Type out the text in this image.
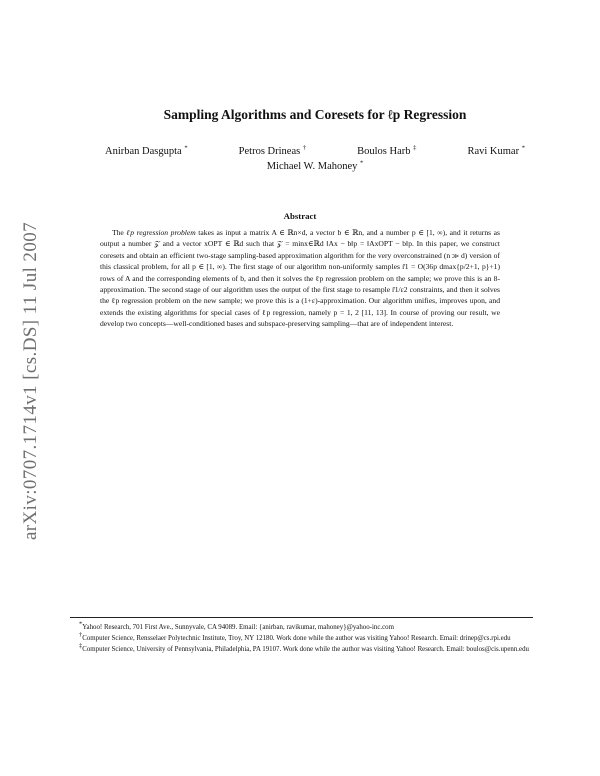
arXiv:0707.1714v1 [cs.DS] 11 Jul 2007
Sampling Algorithms and Coresets for ℓp Regression
Anirban Dasgupta *	Petros Drineas †	Boulos Harb ‡	Ravi Kumar *
Michael W. Mahoney *
Abstract

The ℓp regression problem takes as input a matrix A ∈ ℝn×d, a vector b ∈ ℝn, and a number p ∈ [1, ∞), and it returns as output a number 𝒵 and a vector xOPT ∈ ℝd such that 𝒵 = minx∈ℝd ‖Ax − b‖p = ‖AxOPT − b‖p. In this paper, we construct coresets and obtain an efficient two-stage sampling-based approximation algorithm for the very overconstrained (n ≫ d) version of this classical problem, for all p ∈ [1, ∞). The first stage of our algorithm non-uniformly samples r̂1 = O(36p dmax{p/2+1, p}+1) rows of A and the corresponding elements of b, and then it solves the ℓp regression problem on the sample; we prove this is an 8-approximation. The second stage of our algorithm uses the output of the first stage to resample r̂1/ε2 constraints, and then it solves the ℓp regression problem on the new sample; we prove this is a (1+ε)-approximation. Our algorithm unifies, improves upon, and extends the existing algorithms for special cases of ℓp regression, namely p = 1, 2 [11, 13]. In course of proving our result, we develop two concepts—well-conditioned bases and subspace-preserving sampling—that are of independent interest.

*Yahoo! Research, 701 First Ave., Sunnyvale, CA 94089. Email: {anirban, ravikumar, mahoney}@yahoo-inc.com

†Computer Science, Rensselaer Polytechnic Institute, Troy, NY 12180. Work done while the author was visiting Yahoo! Research. Email: drinep@cs.rpi.edu

‡Computer Science, University of Pennsylvania, Philadelphia, PA 19107. Work done while the author was visiting Yahoo! Research. Email: boulos@cis.upenn.edu
